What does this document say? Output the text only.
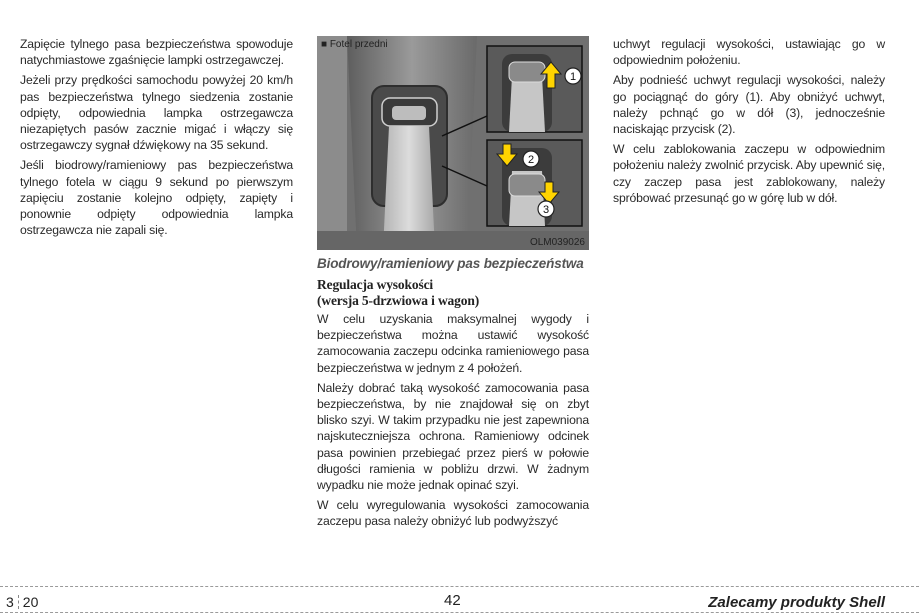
Zapięcie tylnego pasa bezpieczeństwa spowoduje natychmiastowe zgaśnięcie lampki ostrzegawczej.

Jeżeli przy prędkości samochodu powyżej 20 km/h pas bezpieczeństwa tylnego siedzenia zostanie odpięty, odpowiednia lampka ostrzegawcza niezapiętych pasów zacznie migać i włączy się ostrzegawczy sygnał dźwiękowy na 35 sekund.

Jeśli biodrowy/ramieniowy pas bezpieczeństwa tylnego fotela w ciągu 9 sekund po pierwszym zapięciu zostanie kolejno odpięty, zapięty i ponownie odpięty odpowiednia lampka ostrzegawcza nie zapali się.

■ Fotel przedni
1
2
3
OLM039026
Biodrowy/ramieniowy pas bezpieczeństwa
Regulacja wysokości
(wersja 5-drzwiowa i wagon)

W celu uzyskania maksymalnej wygody i bezpieczeństwa można ustawić wysokość zamocowania zaczepu odcinka ramieniowego pasa bezpieczeństwa w jednym z 4 położeń.

Należy dobrać taką wysokość zamocowania pasa bezpieczeństwa, by nie znajdował się on zbyt blisko szyi. W takim przypadku nie jest zapewniona najskuteczniejsza ochrona. Ramieniowy odcinek pasa powinien przebiegać przez pierś w połowie długości ramienia w pobliżu drzwi. W żadnym wypadku nie może jednak opinać szyi.

W celu wyregulowania wysokości zamocowania zaczepu pasa należy obniżyć lub podwyższyć

uchwyt regulacji wysokości, ustawiając go w odpowiednim położeniu.

Aby podnieść uchwyt regulacji wysokości, należy go pociągnąć do góry (1). Aby obniżyć uchwyt, należy pchnąć go w dół (3), jednocześnie naciskając przycisk (2).

W celu zablokowania zaczepu w odpowiednim położeniu należy zwolnić przycisk. Aby upewnić się, czy zaczep pasa jest zablokowany, należy spróbować przesunąć go w górę lub w dół.

3 20	42	Zalecamy produkty Shell
